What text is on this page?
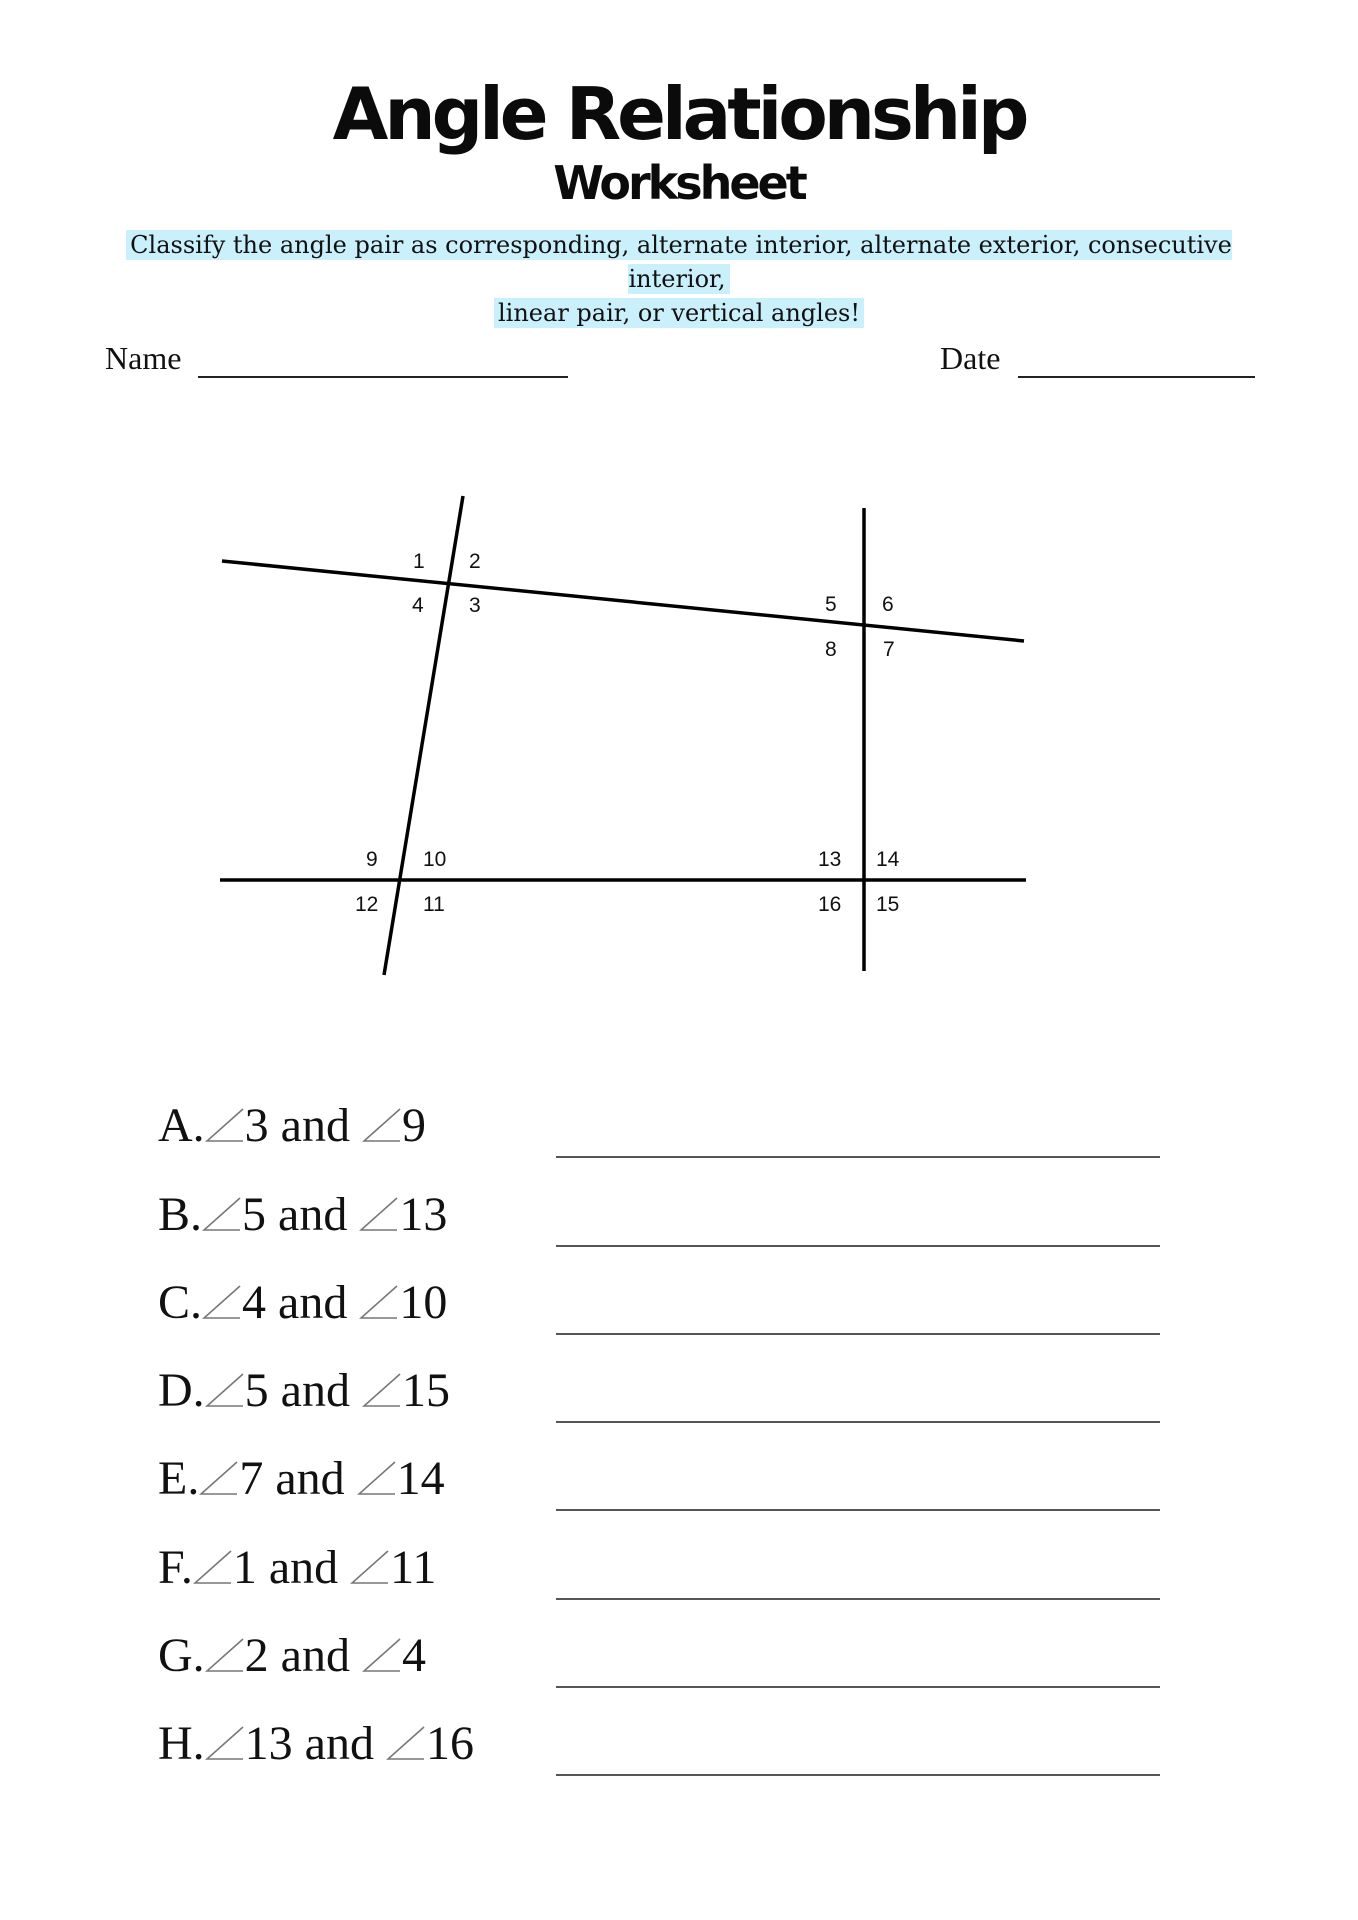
Angle Relationship
Worksheet
Classify the angle pair as corresponding, alternate interior, alternate exterior, consecutive interior,
linear pair, or vertical angles!
Name	Date
1 2
3
4	5 6
7
8
9 10
11
12
13 14
15
16
A. 3 and 9
B. 5 and 13
C. 4 and 10
D. 5 and 15
E. 7 and 14
F. 1 and 11
G. 2 and 4
H. 13 and 16
